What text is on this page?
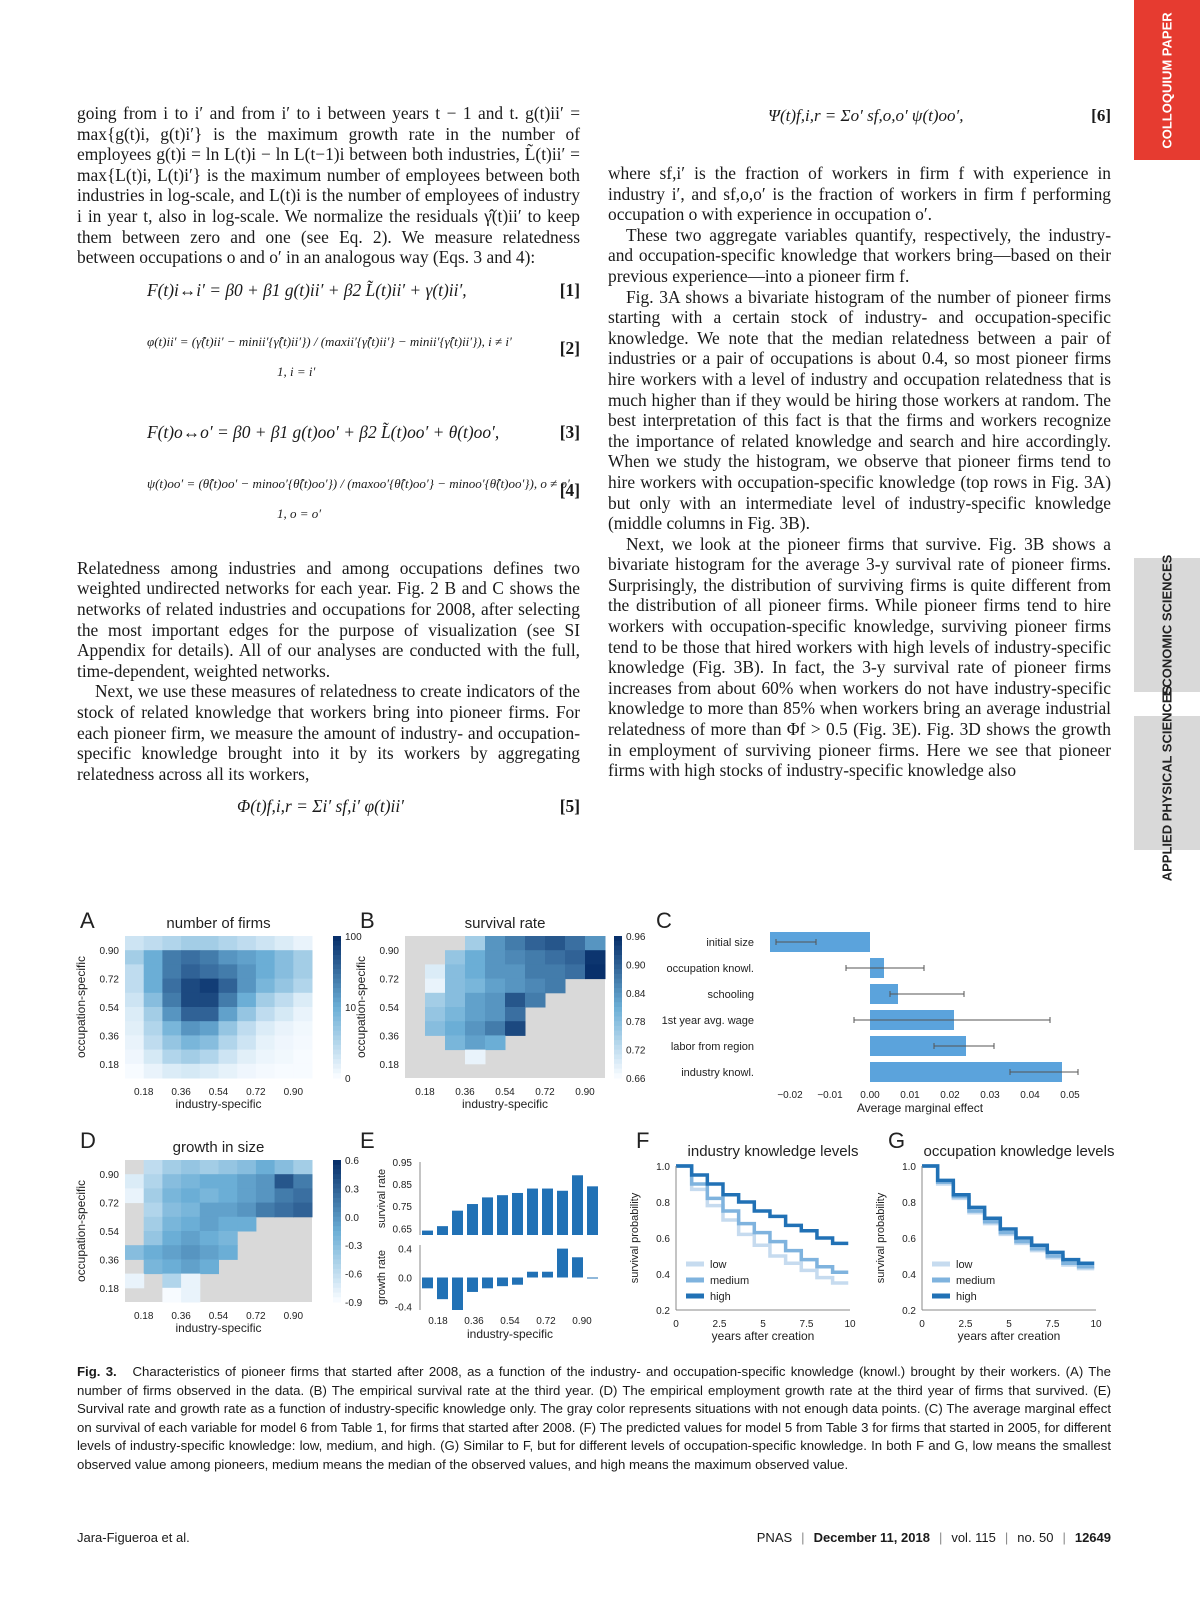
COLLOQUIUM PAPER
ECONOMIC SCIENCES
APPLIED PHYSICAL SCIENCES

going from i to i′ and from i′ to i between years t − 1 and t. g(t)ii′ = max{g(t)i, g(t)i′} is the maximum growth rate in the number of employees g(t)i = ln L(t)i − ln L(t−1)i between both industries, L̃(t)ii′ = max{L(t)i, L(t)i′} is the maximum number of employees between both industries in log-scale, and L(t)i is the number of employees of industry i in year t, also in log-scale. We normalize the residuals γ̂(t)ii′ to keep them between zero and one (see Eq. 2). We measure relatedness between occupations o and o′ in an analogous way (Eqs. 3 and 4):

F(t)i↔i′ = β0 + β1 g(t)ii′ + β2 L̃(t)ii′ + γ(t)ii′,	[1]
φ(t)ii′ = (γ̂(t)ii′ − minii′{γ̂(t)ii′}) / (maxii′{γ̂(t)ii′} − minii′{γ̂(t)ii′}), i ≠ i′
1, i = i′
[2]
F(t)o↔o′ = β0 + β1 g(t)oo′ + β2 L̃(t)oo′ + θ(t)oo′,	[3]
ψ(t)oo′ = (θ̂(t)oo′ − minoo′{θ̂(t)oo′}) / (maxoo′{θ̂(t)oo′} − minoo′{θ̂(t)oo′}), o ≠ o′
1, o = o′
[4]

Relatedness among industries and among occupations defines two weighted undirected networks for each year. Fig. 2 B and C shows the networks of related industries and occupations for 2008, after selecting the most important edges for the purpose of visualization (see SI Appendix for details). All of our analyses are conducted with the full, time-dependent, weighted networks.

Next, we use these measures of relatedness to create indicators of the stock of related knowledge that workers bring into pioneer firms. For each pioneer firm, we measure the amount of industry- and occupation-specific knowledge brought into it by its workers by aggregating relatedness across all its workers,

Φ(t)f,i,r = Σi′ sf,i′ φ(t)ii′	[5]
Ψ(t)f,i,r = Σo′ sf,o,o′ ψ(t)oo′,	[6]

where sf,i′ is the fraction of workers in firm f with experience in industry i′, and sf,o,o′ is the fraction of workers in firm f performing occupation o with experience in occupation o′.

These two aggregate variables quantify, respectively, the industry- and occupation-specific knowledge that workers bring—based on their previous experience—into a pioneer firm f.

Fig. 3A shows a bivariate histogram of the number of pioneer firms starting with a certain stock of industry- and occupation-specific knowledge. We note that the median relatedness between a pair of industries or a pair of occupations is about 0.4, so most pioneer firms hire workers with a level of industry and occupation relatedness that is much higher than if they would be hiring those workers at random. The best interpretation of this fact is that the firms and workers recognize the importance of related knowledge and search and hire accordingly. When we study the histogram, we observe that pioneer firms tend to hire workers with occupation-specific knowledge (top rows in Fig. 3A) but only with an intermediate level of industry-specific knowledge (middle columns in Fig. 3B).

Next, we look at the pioneer firms that survive. Fig. 3B shows a bivariate histogram for the average 3-y survival rate of pioneer firms. Surprisingly, the distribution of surviving firms is quite different from the distribution of all pioneer firms. While pioneer firms tend to hire workers with occupation-specific knowledge, surviving pioneer firms tend to be those that hired workers with high levels of industry-specific knowledge (Fig. 3B). In fact, the 3-y survival rate of pioneer firms increases from about 60% when workers do not have industry-specific knowledge to more than 85% when workers bring an average industrial relatedness of more than Φf > 0.5 (Fig. 3E). Fig. 3D shows the growth in employment of surviving pioneer firms. Here we see that pioneer firms with high stocks of industry-specific knowledge also

A	B	C
D	E	F	G
number of firms
0.18
0.18
0.36
0.36
0.54
0.54
0.72
0.72
0.90
0.90
industry-specific
occupation-specific
100
10
0
survival rate
0.18
0.18
0.36
0.36
0.54
0.54
0.72
0.72
0.90
0.90
industry-specific
occupation-specific
0.96
0.90
0.84
0.78
0.72
0.66
growth in size
0.18
0.18
0.36
0.36
0.54
0.54
0.72
0.72
0.90
0.90
industry-specific
occupation-specific
0.6
0.3
0.0
-0.3
-0.6
-0.9
initial size
occupation knowl.
schooling
1st year avg. wage
labor from region
industry knowl.
−0.02 −0.01 0.00 0.01 0.02 0.03 0.04 0.05
Average marginal effect
0.95
0.85
0.75
0.65
survival rate
0.4
0.0
-0.4
growth rate
0.18 0.36 0.54 0.72 0.90
industry-specific
0	2.5	5	7.5	10
1.0
0.8
0.6
0.4
0.2
years after creation
survival probability
industry knowledge levels
low
medium
high
0	2.5	5	7.5	10
1.0
0.8
0.6
0.4
0.2
years after creation
survival probability
occupation knowledge levels
low
medium
high
Fig. 3. Characteristics of pioneer firms that started after 2008, as a function of the industry- and occupation-specific knowledge (knowl.) brought by their workers. (A) The number of firms observed in the data. (B) The empirical survival rate at the third year. (D) The empirical employment growth rate at the third year of firms that survived. (E) Survival rate and growth rate as a function of industry-specific knowledge only. The gray color represents situations with not enough data points. (C) The average marginal effect on survival of each variable for model 6 from Table 1, for firms that started after 2008. (F) The predicted values for model 5 from Table 3 for firms that started in 2005, for different levels of industry-specific knowledge: low, medium, and high. (G) Similar to F, but for different levels of occupation-specific knowledge. In both F and G, low means the smallest observed value among pioneers, medium means the median of the observed values, and high means the maximum observed value.
Jara-Figueroa et al.	PNAS | December 11, 2018 | vol. 115 | no. 50 | 12649
